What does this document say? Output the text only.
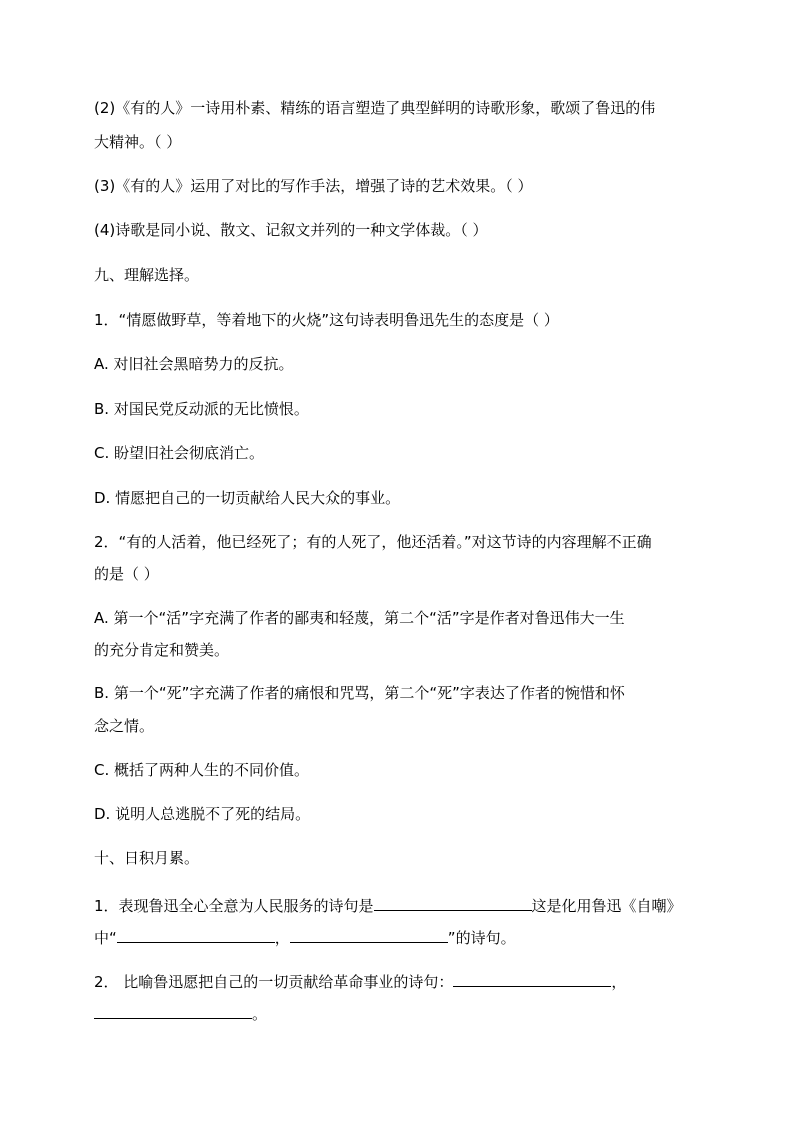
(2)《有的人》一诗用朴素、精练的语言塑造了典型鲜明的诗歌形象，歌颂了鲁迅的伟
大精神。（ ）
(3)《有的人》运用了对比的写作手法，增强了诗的艺术效果。（ ）
(4)诗歌是同小说、散文、记叙文并列的一种文学体裁。（ ）
九、理解选择。
1．“情愿做野草，等着地下的火烧”这句诗表明鲁迅先生的态度是（ ）
A. 对旧社会黑暗势力的反抗。
B. 对国民党反动派的无比愤恨。
C. 盼望旧社会彻底消亡。
D. 情愿把自己的一切贡献给人民大众的事业。
2．“有的人活着，他已经死了；有的人死了，他还活着。”对这节诗的内容理解不正确
的是（ ）
A. 第一个“活”字充满了作者的鄙夷和轻蔑，第二个“活”字是作者对鲁迅伟大一生
的充分肯定和赞美。
B. 第一个“死”字充满了作者的痛恨和咒骂，第二个“死”字表达了作者的惋惜和怀
念之情。
C. 概括了两种人生的不同价值。
D. 说明人总逃脱不了死的结局。
十、日积月累。
1．表现鲁迅全心全意为人民服务的诗句是	这是化用鲁迅《自嘲》
中“	，	”的诗句。
2． 比喻鲁迅愿把自己的一切贡献给革命事业的诗句：	，
。
